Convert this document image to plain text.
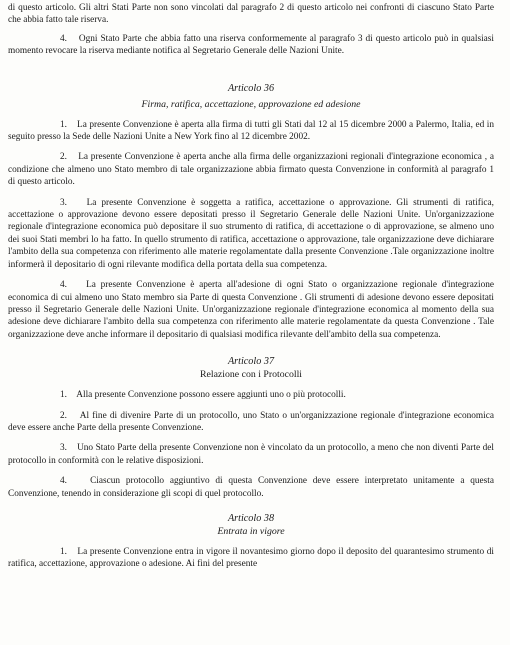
di questo articolo. Gli altri Stati Parte non sono vincolati dal paragrafo 2 di questo articolo nei confronti di ciascuno Stato Parte che abbia fatto tale riserva.

4.    Ogni Stato Parte che abbia fatto una riserva conformemente al paragrafo 3 di questo articolo può in qualsiasi momento revocare la riserva mediante notifica al Segretario Generale delle Nazioni Unite.

Articolo 36
Firma, ratifica, accettazione, approvazione ed adesione

1.    La presente Convenzione è aperta alla firma di tutti gli Stati dal 12 al 15 dicembre 2000 a Palermo, Italia, ed in seguito presso la Sede delle Nazioni Unite a New York fino al 12 dicembre 2002.

2.    La presente Convenzione è aperta anche alla firma delle organizzazioni regionali d'integrazione economica , a condizione che almeno uno Stato membro di tale organizzazione abbia firmato questa Convenzione in conformità al paragrafo 1 di questo articolo.

3.    La presente Convenzione è soggetta a ratifica, accettazione o approvazione. Gli strumenti di ratifica, accettazione o approvazione devono essere depositati presso il Segretario Generale delle Nazioni Unite. Un'organizzazione regionale d'integrazione economica può depositare il suo strumento di ratifica, di accettazione o di approvazione, se almeno uno dei suoi Stati membri lo ha fatto. In quello strumento di ratifica, accettazione o approvazione, tale organizzazione deve dichiarare l'ambito della sua competenza con riferimento alle materie regolamentate dalla presente Convenzione .Tale organizzazione inoltre informerà il depositario di ogni rilevante modifica della portata della sua competenza.

4.    La presente Convenzione è aperta all'adesione di ogni Stato o organizzazione regionale d'integrazione economica di cui almeno uno Stato membro sia Parte di questa Convenzione . Gli strumenti di adesione devono essere depositati presso il Segretario Generale delle Nazioni Unite. Un'organizzazione regionale d'integrazione economica al momento della sua adesione deve dichiarare l'ambito della sua competenza con riferimento alle materie regolamentate da questa Convenzione . Tale organizzazione deve anche informare il depositario di qualsiasi modifica rilevante dell'ambito della sua competenza.

Articolo 37
Relazione con i Protocolli

1.    Alla presente Convenzione possono essere aggiunti uno o più protocolli.

2.    Al fine di divenire Parte di un protocollo, uno Stato o un'organizzazione regionale d'integrazione economica deve essere anche Parte della presente Convenzione.

3.    Uno Stato Parte della presente Convenzione non è vincolato da un protocollo, a meno che non diventi Parte del protocollo in conformità con le relative disposizioni.

4.    Ciascun protocollo aggiuntivo di questa Convenzione deve essere interpretato unitamente a questa Convenzione, tenendo in considerazione gli scopi di quel protocollo.

Articolo 38
Entrata in vigore

1.    La presente Convenzione entra in vigore il novantesimo giorno dopo il deposito del quarantesimo strumento di ratifica, accettazione, approvazione o adesione. Ai fini del presente
